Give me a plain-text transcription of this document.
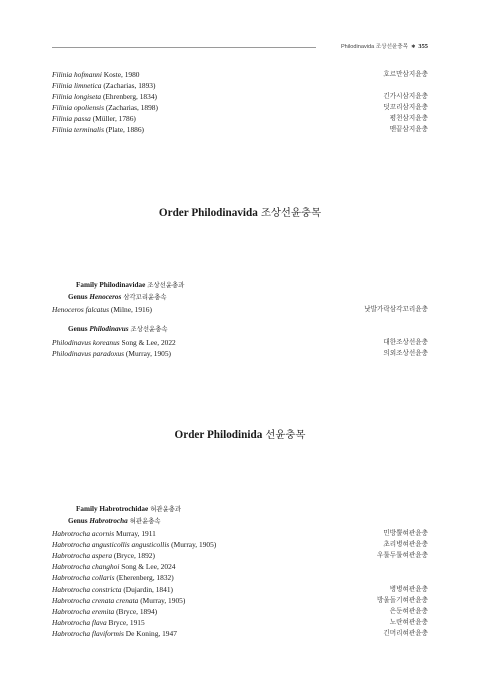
Philodinavida 조상선윤충목 ✱ 355
Filinia hofmanni Koste, 1980	호르만삼지윤충
Filinia limnetica (Zacharias, 1893)
Filinia longiseta (Ehrenberg, 1834)	긴가시삼지윤충
Filinia opoliensis (Zacharias, 1898)	덧꼬리삼지윤충
Filinia passa (Müller, 1786)	평천삼지윤충
Filinia terminalis (Plate, 1886)	맨끝삼지윤충
Order Philodinavida 조상선윤충목
Family Philodinavidae 조상선윤충과
Genus Henoceros 삼각꼬리윤충속
Henoceros falcatus (Milne, 1916)	낫발가락삼각꼬리윤충
Genus Philodinavus 조상선윤충속
Philodinavus koreanus Song & Lee, 2022	대한조상선윤충
Philodinavus paradoxus (Murray, 1905)	의외조상선윤충
Order Philodinida 선윤충목
Family Habrotrochidae 혀관윤충과
Genus Habrotrocha 혀관윤충속
Habrotrocha acornis Murray, 1911	민방뿔혀관윤충
Habrotrocha angusticollis angusticollis (Murray, 1905)	초리병혀관윤충
Habrotrocha aspera (Bryce, 1892)	우툴두툴혀관윤충
Habrotrocha changhoi Song & Lee, 2024
Habrotrocha collaris (Eherenberg, 1832)
Habrotrocha constricta (Dujardin, 1841)	병병혀관윤충
Habrotrocha crenata crenata (Murray, 1905)	방울돌기혀관윤충
Habrotrocha eremita (Bryce, 1894)	은둔혀관윤충
Habrotrocha flava Bryce, 1915	노란혀관윤충
Habrotrocha flaviformis De Koning, 1947	긴머리혀관윤충
